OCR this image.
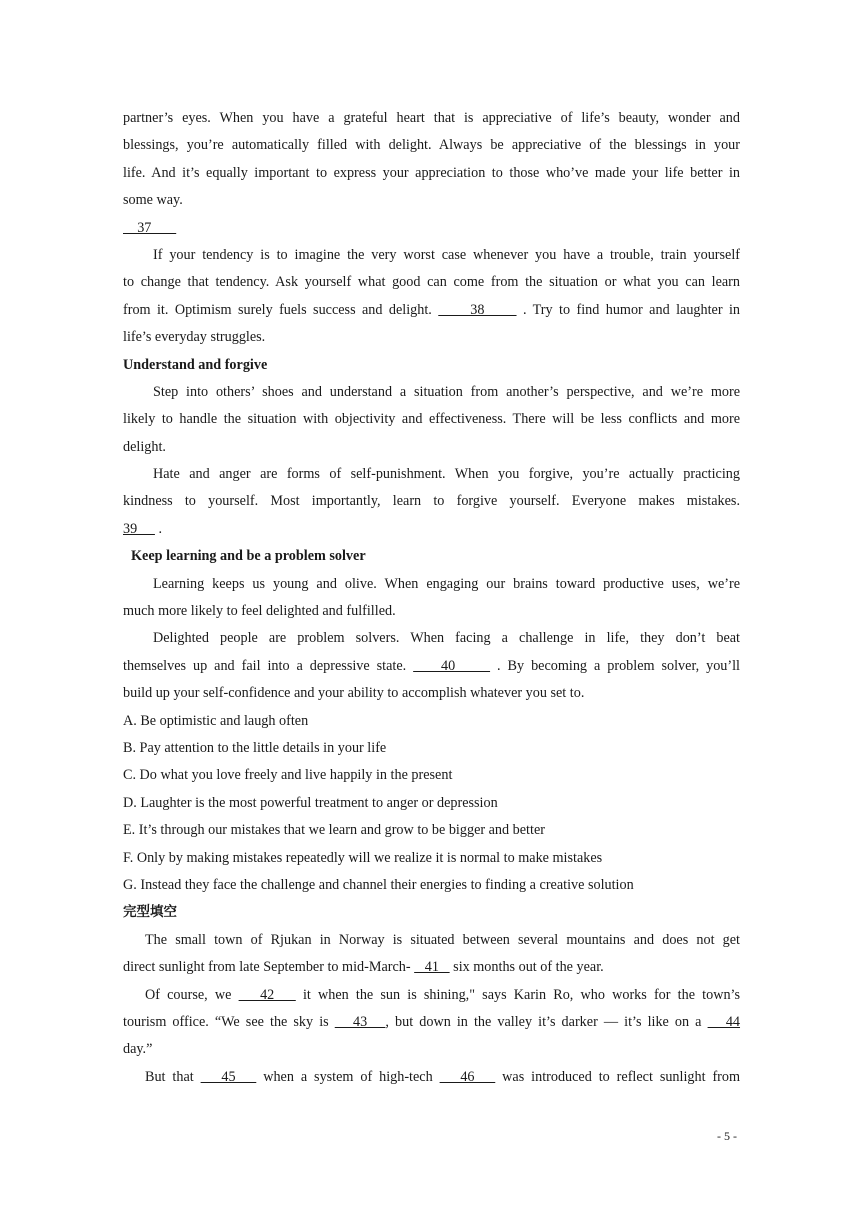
partner’s eyes. When you have a grateful heart that is appreciative of life’s beauty, wonder and
blessings, you’re automatically filled with delight. Always be appreciative of the blessings in your
life. And it’s equally important to express your appreciation to those who’ve made your life better in
some way.
37
If your tendency is to imagine the very worst case whenever you have a trouble, train yourself
to change that tendency. Ask yourself what good can come from the situation or what you can learn
from it. Optimism surely fuels success and delight.      38      . Try to find humor and laughter in
life’s everyday struggles.
Understand and forgive
Step into others’ shoes and understand a situation from another’s perspective, and we’re more
likely to handle the situation with objectivity and effectiveness. There will be less conflicts and more
delight.
Hate and anger are forms of self-punishment. When you forgive, you’re actually practicing
kindness to yourself. Most importantly, learn to forgive yourself. Everyone makes mistakes.
39      .
Keep learning and be a problem solver
Learning keeps us young and olive. When engaging our brains toward productive uses, we’re
much more likely to feel delighted and fulfilled.
Delighted people are problem solvers. When facing a challenge in life, they don’t beat
themselves up and fail into a depressive state.     40      . By becoming a problem solver, you’ll
build up your self-confidence and your ability to accomplish whatever you set to.
A. Be optimistic and laugh often
B. Pay attention to the little details in your life
C. Do what you love freely and live happily in the present
D. Laughter is the most powerful treatment to anger or depression
E. It’s through our mistakes that we learn and grow to be bigger and better
F. Only by making mistakes repeatedly will we realize it is normal to make mistakes
G. Instead they face the challenge and channel their energies to finding a creative solution
完型填空
The small town of Rjukan in Norway is situated between several mountains and does not get
direct sunlight from late September to mid-March-    41    six months out of the year.
Of course, we    42    it when the sun is shining," says Karin Ro, who works for the town’s
tourism office. “We see the sky is    43   , but down in the valley it’s darker — it’s like on a    44
day.”
But that    45    when a system of high-tech    46    was introduced to reflect sunlight from
- 5 -
